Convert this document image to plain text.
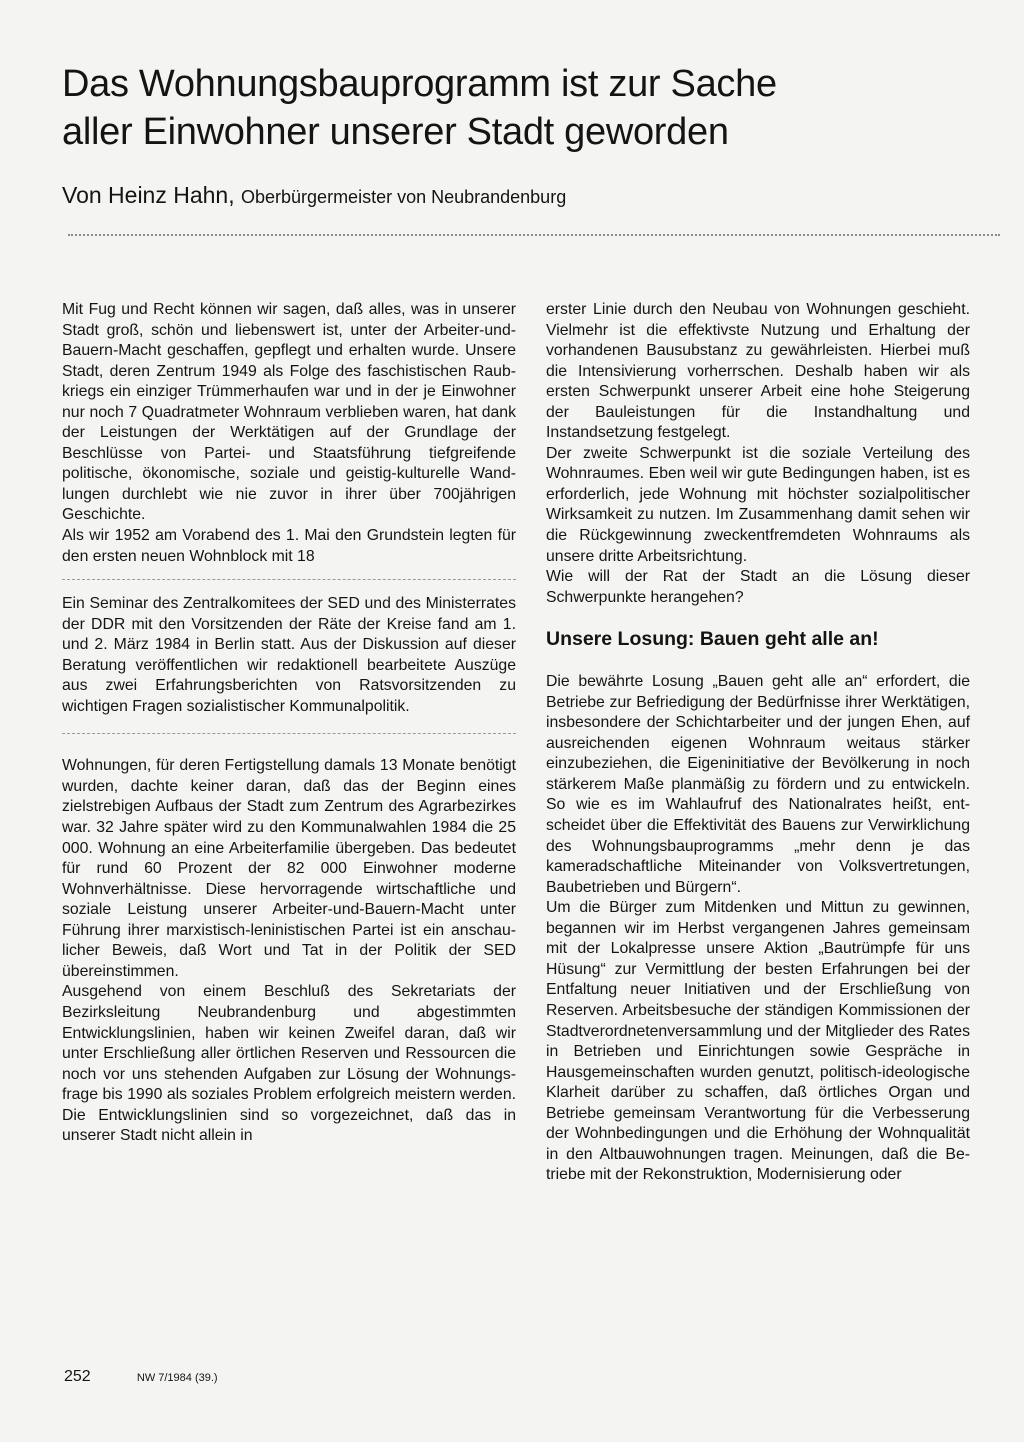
Das Wohnungsbauprogramm ist zur Sache
aller Einwohner unserer Stadt geworden

Von Heinz Hahn, Oberbürgermeister von Neubrandenburg

Mit Fug und Recht können wir sagen, daß alles, was in unserer Stadt groß, schön und liebenswert ist, unter der Arbeiter-und-Bauern-Macht geschaffen, gepflegt und erhalten wurde. Unsere Stadt, deren Zentrum 1949 als Folge des faschistischen Raubkriegs ein einziger Trümmerhaufen war und in der je Einwohner nur noch 7 Quadratmeter Wohnraum verblieben waren, hat dank der Leistungen der Werktätigen auf der Grundlage der Beschlüsse von Partei- und Staatsführung tiefgreifende politische, ökonomische, soziale und geistig-kulturelle Wandlungen durchlebt wie nie zuvor in ihrer über 700jährigen Geschichte.

Als wir 1952 am Vorabend des 1. Mai den Grundstein legten für den ersten neuen Wohnblock mit 18

Ein Seminar des Zentralkomitees der SED und des Ministerrates der DDR mit den Vorsitzenden der Räte der Kreise fand am 1. und 2. März 1984 in Berlin statt. Aus der Diskussion auf dieser Beratung veröffentlichen wir redaktionell bearbeitete Auszüge aus zwei Erfahrungsberichten von Ratsvorsitzenden zu wichtigen Fragen sozialistischer Kommunalpolitik.

Wohnungen, für deren Fertigstellung damals 13 Monate benötigt wurden, dachte keiner daran, daß das der Beginn eines zielstrebigen Aufbaus der Stadt zum Zentrum des Agrarbezirkes war. 32 Jahre später wird zu den Kommunalwahlen 1984 die 25 000. Wohnung an eine Arbeiterfamilie übergeben. Das bedeutet für rund 60 Prozent der 82 000 Einwohner moderne Wohnverhältnisse. Diese hervorragende wirtschaftliche und soziale Leistung unserer Arbeiter-und-Bauern-Macht unter Führung ihrer marxistisch-leninistischen Partei ist ein anschaulicher Beweis, daß Wort und Tat in der Politik der SED übereinstimmen.

Ausgehend von einem Beschluß des Sekretariats der Bezirksleitung Neubrandenburg und abgestimmten Entwicklungslinien, haben wir keinen Zweifel daran, daß wir unter Erschließung aller örtlichen Reserven und Ressourcen die noch vor uns stehenden Aufgaben zur Lösung der Wohnungsfrage bis 1990 als soziales Problem erfolgreich meistern werden. Die Entwicklungslinien sind so vorgezeichnet, daß das in unserer Stadt nicht allein in

erster Linie durch den Neubau von Wohnungen geschieht. Vielmehr ist die effektivste Nutzung und Erhaltung der vorhandenen Bausubstanz zu gewährleisten. Hierbei muß die Intensivierung vorherrschen. Deshalb haben wir als ersten Schwerpunkt unserer Arbeit eine hohe Steigerung der Bauleistungen für die Instandhaltung und Instandsetzung festgelegt.

Der zweite Schwerpunkt ist die soziale Verteilung des Wohnraumes. Eben weil wir gute Bedingungen haben, ist es erforderlich, jede Wohnung mit höchster sozialpolitischer Wirksamkeit zu nutzen. Im Zusammenhang damit sehen wir die Rückgewinnung zweckentfremdeten Wohnraums als unsere dritte Arbeitsrichtung.

Wie will der Rat der Stadt an die Lösung dieser Schwerpunkte herangehen?

Unsere Losung: Bauen geht alle an!

Die bewährte Losung „Bauen geht alle an“ erfordert, die Betriebe zur Befriedigung der Bedürfnisse ihrer Werktätigen, insbesondere der Schichtarbeiter und der jungen Ehen, auf ausreichenden eigenen Wohnraum weitaus stärker einzubeziehen, die Eigeninitiative der Bevölkerung in noch stärkerem Maße planmäßig zu fördern und zu entwickeln. So wie es im Wahlaufruf des Nationalrates heißt, entscheidet über die Effektivität des Bauens zur Verwirklichung des Wohnungsbauprogramms „mehr denn je das kameradschaftliche Miteinander von Volksvertretungen, Baubetrieben und Bürgern“.

Um die Bürger zum Mitdenken und Mittun zu gewinnen, begannen wir im Herbst vergangenen Jahres gemeinsam mit der Lokalpresse unsere Aktion „Bautrümpfe für uns Hüsung“ zur Vermittlung der besten Erfahrungen bei der Entfaltung neuer Initiativen und der Erschließung von Reserven. Arbeitsbesuche der ständigen Kommissionen der Stadtverordnetenversammlung und der Mitglieder des Rates in Betrieben und Einrichtungen sowie Gespräche in Hausgemeinschaften wurden genutzt, politisch-ideologische Klarheit darüber zu schaffen, daß örtliches Organ und Betriebe gemeinsam Verantwortung für die Verbesserung der Wohnbedingungen und die Erhöhung der Wohnqualität in den Altbauwohnungen tragen. Meinungen, daß die Betriebe mit der Rekonstruktion, Modernisierung oder

252	NW 7/1984 (39.)
